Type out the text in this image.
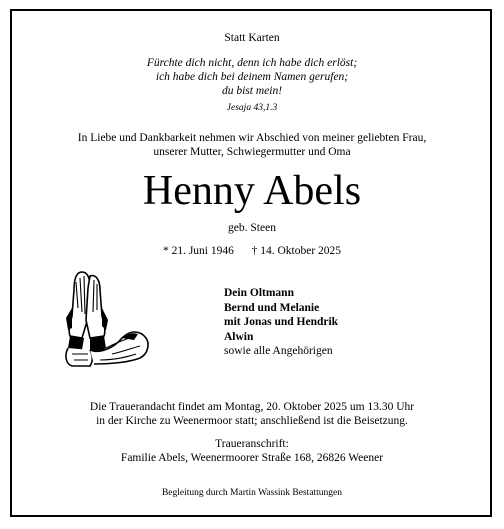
Statt Karten
Fürchte dich nicht, denn ich habe dich erlöst;
ich habe dich bei deinem Namen gerufen;
du bist mein!
Jesaja 43,1.3
In Liebe und Dankbarkeit nehmen wir Abschied von meiner geliebten Frau,
unserer Mutter, Schwiegermutter und Oma
Henny Abels
geb. Steen
* 21. Juni 1946 † 14. Oktober 2025
Dein Oltmann
Bernd und Melanie
mit Jonas und Hendrik
Alwin
sowie alle Angehörigen
Die Trauerandacht findet am Montag, 20. Oktober 2025 um 13.30 Uhr
in der Kirche zu Weenermoor statt; anschließend ist die Beisetzung.
Traueranschrift:
Familie Abels, Weenermoorer Straße 168, 26826 Weener
Begleitung durch Martin Wassink Bestattungen
